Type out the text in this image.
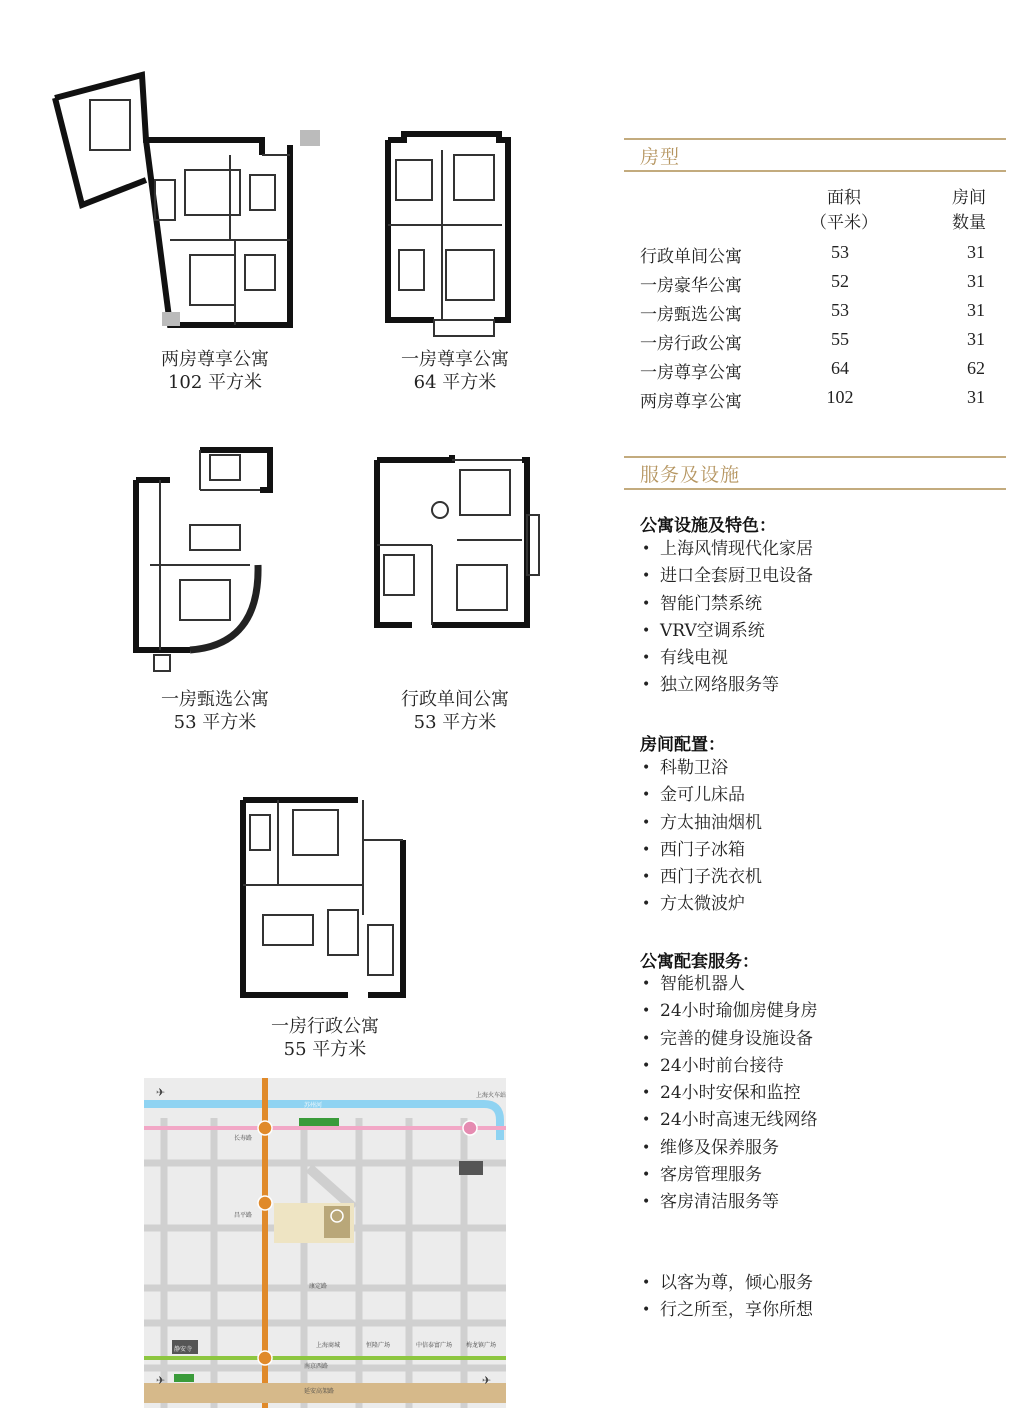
两房尊享公寓
102 平方米
一房尊享公寓
64 平方米
一房甄选公寓
53 平方米
行政单间公寓
53 平方米
一房行政公寓
55 平方米
苏州河
上海火车站
长寿路
昌平路
康定路
静安寺
南京西路
延安高架路
上海商城	恒隆广场	中信泰富广场 梅龙镇广场
✈
✈	✈
房型
面积
（平米）
房间
数量
行政单间公寓	53	31
一房豪华公寓	52	31
一房甄选公寓	53	31
一房行政公寓	55	31
一房尊享公寓	64	62
两房尊享公寓	102	31
服务及设施
公寓设施及特色：
• 上海风情现代化家居
• 进口全套厨卫电设备
• 智能门禁系统
• VRV空调系统
• 有线电视
• 独立网络服务等
房间配置：
• 科勒卫浴
• 金可儿床品
• 方太抽油烟机
• 西门子冰箱
• 西门子洗衣机
• 方太微波炉
公寓配套服务：
• 智能机器人
• 24小时瑜伽房健身房
• 完善的健身设施设备
• 24小时前台接待
• 24小时安保和监控
• 24小时高速无线网络
• 维修及保养服务
• 客房管理服务
• 客房清洁服务等
• 以客为尊，倾心服务
• 行之所至，享你所想
